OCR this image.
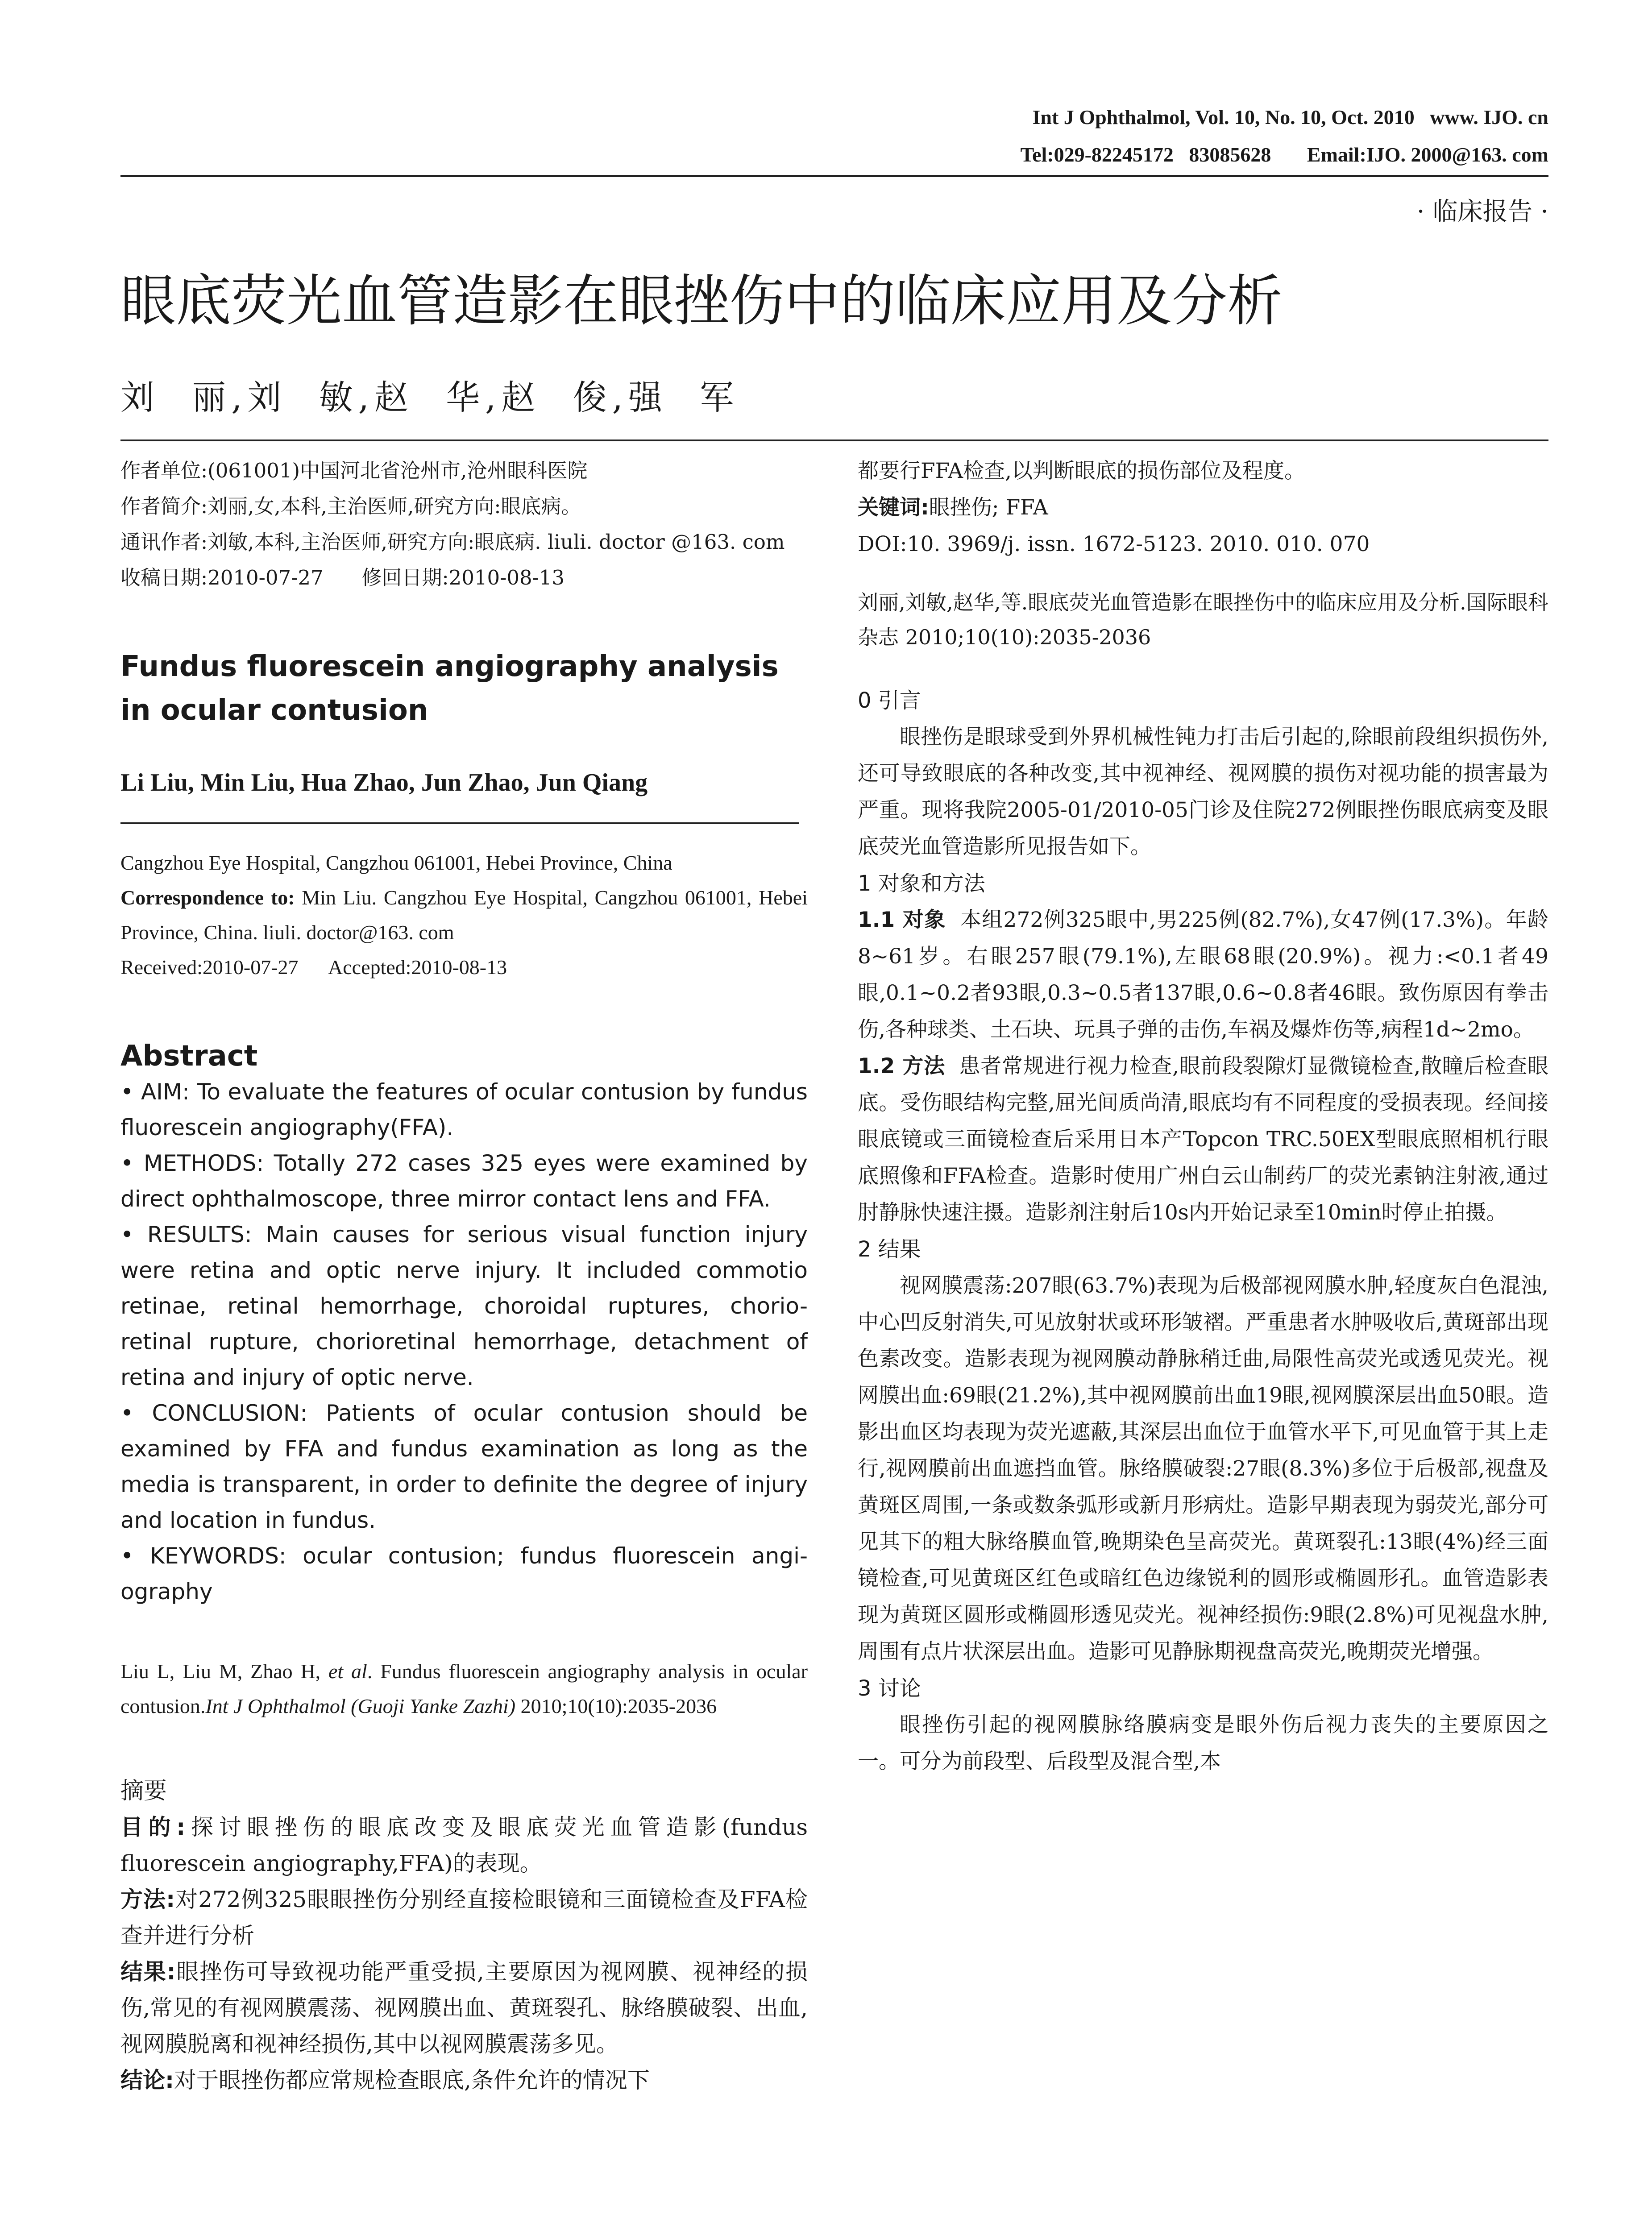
Int J Ophthalmol, Vol. 10, No. 10, Oct. 2010   www. IJO. cn
Tel:029-82245172   83085628       Email:IJO. 2000@163. com
· 临床报告 ·
眼底荧光血管造影在眼挫伤中的临床应用及分析
刘  丽,刘  敏,赵  华,赵  俊,强  军

作者单位:(061001)中国河北省沧州市,沧州眼科医院

作者简介:刘丽,女,本科,主治医师,研究方向:眼底病。

通讯作者:刘敏,本科,主治医师,研究方向:眼底病. liuli. doctor @163. com

收稿日期:2010-07-27      修回日期:2010-08-13

Fundus fluorescein angiography analysis in ocular contusion
Li Liu, Min Liu, Hua Zhao, Jun Zhao, Jun Qiang
Cangzhou Eye Hospital, Cangzhou 061001, Hebei Province, China
Correspondence to: Min Liu. Cangzhou Eye Hospital, Cangzhou 061001, Hebei Province, China. liuli. doctor@163. com
Received:2010-07-27      Accepted:2010-08-13
Abstract

• AIM: To evaluate the features of ocular contusion by fundus fluorescein angiography(FFA).

• METHODS: Totally 272 cases 325 eyes were examined by direct ophthalmoscope, three mirror contact lens and FFA.

• RESULTS: Main causes for serious visual function injury were retina and optic nerve injury. It included commotio retinae, retinal hemorrhage, choroidal ruptures, chorio-retinal rupture, chorioretinal hemorrhage, detachment of retina and injury of optic nerve.

• CONCLUSION: Patients of ocular contusion should be examined by FFA and fundus examination as long as the media is transparent, in order to definite the degree of injury and location in fundus.

• KEYWORDS: ocular contusion; fundus fluorescein angi-ography

Liu L, Liu M, Zhao H, et al. Fundus fluorescein angiography analysis in ocular contusion.Int J Ophthalmol (Guoji Yanke Zazhi) 2010;10(10):2035-2036
摘要

目的:探讨眼挫伤的眼底改变及眼底荧光血管造影(fundus fluorescein angiography,FFA)的表现。

方法:对272例325眼眼挫伤分别经直接检眼镜和三面镜检查及FFA检查并进行分析

结果:眼挫伤可导致视功能严重受损,主要原因为视网膜、视神经的损伤,常见的有视网膜震荡、视网膜出血、黄斑裂孔、脉络膜破裂、出血,视网膜脱离和视神经损伤,其中以视网膜震荡多见。

结论:对于眼挫伤都应常规检查眼底,条件允许的情况下

都要行FFA检查,以判断眼底的损伤部位及程度。

关键词:眼挫伤; FFA

DOI:10. 3969/j. issn. 1672-5123. 2010. 010. 070

刘丽,刘敏,赵华,等.眼底荧光血管造影在眼挫伤中的临床应用及分析.国际眼科杂志 2010;10(10):2035-2036

0 引言

眼挫伤是眼球受到外界机械性钝力打击后引起的,除眼前段组织损伤外,还可导致眼底的各种改变,其中视神经、视网膜的损伤对视功能的损害最为严重。现将我院2005-01/2010-05门诊及住院272例眼挫伤眼底病变及眼底荧光血管造影所见报告如下。

1 对象和方法

1.1 对象 本组272例325眼中,男225例(82.7%),女47例(17.3%)。年龄8~61岁。右眼257眼(79.1%),左眼68眼(20.9%)。视力:<0.1者49眼,0.1~0.2者93眼,0.3~0.5者137眼,0.6~0.8者46眼。致伤原因有拳击伤,各种球类、土石块、玩具子弹的击伤,车祸及爆炸伤等,病程1d~2mo。

1.2 方法 患者常规进行视力检查,眼前段裂隙灯显微镜检查,散瞳后检查眼底。受伤眼结构完整,屈光间质尚清,眼底均有不同程度的受损表现。经间接眼底镜或三面镜检查后采用日本产Topcon TRC.50EX型眼底照相机行眼底照像和FFA检查。造影时使用广州白云山制药厂的荧光素钠注射液,通过肘静脉快速注摄。造影剂注射后10s内开始记录至10min时停止拍摄。

2 结果

视网膜震荡:207眼(63.7%)表现为后极部视网膜水肿,轻度灰白色混浊,中心凹反射消失,可见放射状或环形皱褶。严重患者水肿吸收后,黄斑部出现色素改变。造影表现为视网膜动静脉稍迁曲,局限性高荧光或透见荧光。视网膜出血:69眼(21.2%),其中视网膜前出血19眼,视网膜深层出血50眼。造影出血区均表现为荧光遮蔽,其深层出血位于血管水平下,可见血管于其上走行,视网膜前出血遮挡血管。脉络膜破裂:27眼(8.3%)多位于后极部,视盘及黄斑区周围,一条或数条弧形或新月形病灶。造影早期表现为弱荧光,部分可见其下的粗大脉络膜血管,晚期染色呈高荧光。黄斑裂孔:13眼(4%)经三面镜检查,可见黄斑区红色或暗红色边缘锐利的圆形或椭圆形孔。血管造影表现为黄斑区圆形或椭圆形透见荧光。视神经损伤:9眼(2.8%)可见视盘水肿,周围有点片状深层出血。造影可见静脉期视盘高荧光,晚期荧光增强。

3 讨论

眼挫伤引起的视网膜脉络膜病变是眼外伤后视力丧失的主要原因之一。可分为前段型、后段型及混合型,本
